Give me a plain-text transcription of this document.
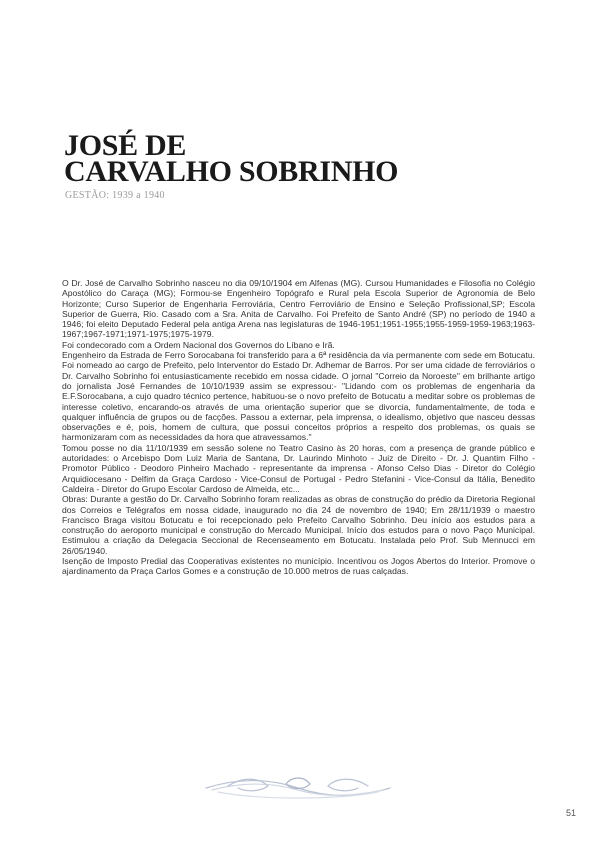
JOSÉ DE
CARVALHO SOBRINHO

GESTÃO: 1939 a 1940

O Dr. José de Carvalho Sobrinho nasceu no dia 09/10/1904 em Alfenas (MG). Cursou Humanidades e Filosofia no Colégio Apostólico do Caraça (MG); Formou-se Engenheiro Topógrafo e Rural pela Escola Superior de Agronomia de Belo Horizonte; Curso Superior de Engenharia Ferroviária, Centro Ferroviário de Ensino e Seleção Profissional,SP; Escola Superior de Guerra, Rio. Casado com a Sra. Anita de Carvalho. Foi Prefeito de Santo André (SP) no período de 1940 a 1946; foi eleito Deputado Federal pela antiga Arena nas legislaturas de 1946-1951;1951-1955;1955-1959-1959-1963;1963-1967;1967-1971;1971-1975;1975-1979.

Foi condecorado com a Ordem Nacional dos Governos do Líbano e Irã.

Engenheiro da Estrada de Ferro Sorocabana foi transferido para a 6ª residência da via permanente com sede em Botucatu. Foi nomeado ao cargo de Prefeito, pelo Interventor do Estado Dr. Adhemar de Barros. Por ser uma cidade de ferroviários o Dr. Carvalho Sobrinho foi entusiasticamente recebido em nossa cidade. O jornal "Correio da Noroeste" em brilhante artigo do jornalista José Fernandes de 10/10/1939 assim se expressou:- "Lidando com os problemas de engenharia da E.F.Sorocabana, a cujo quadro técnico pertence, habituou-se o novo prefeito de Botucatu a meditar sobre os problemas de interesse coletivo, encarando-os através de uma orientação superior que se divorcia, fundamentalmente, de toda e qualquer influência de grupos ou de facções. Passou a externar, pela imprensa, o idealismo, objetivo que nasceu dessas observações e é, pois, homem de cultura, que possui conceitos próprios a respeito dos problemas, os quais se harmonizaram com as necessidades da hora que atravessamos."

Tomou posse no dia 11/10/1939 em sessão solene no Teatro Casino às 20 horas, com a presença de grande público e autoridades: o Arcebispo Dom Luiz Maria de Santana, Dr. Laurindo Minhoto - Juiz de Direito - Dr. J. Quantim Filho - Promotor Público - Deodoro Pinheiro Machado - representante da imprensa - Afonso Celso Dias - Diretor do Colégio Arquidiocesano - Delfim da Graça Cardoso - Vice-Consul de Portugal - Pedro Stefanini - Vice-Consul da Itália, Benedito Caldeira - Diretor do Grupo Escolar Cardoso de Almeida, etc...

Obras: Durante a gestão do Dr. Carvalho Sobrinho foram realizadas as obras de construção do prédio da Diretoria Regional dos Correios e Telégrafos em nossa cidade, inaugurado no dia 24 de novembro de 1940; Em 28/11/1939 o maestro Francisco Braga visitou Botucatu e foi recepcionado pelo Prefeito Carvalho Sobrinho. Deu início aos estudos para a construção do aeroporto municipal e construção do Mercado Municipal. Início dos estudos para o novo Paço Municipal. Estimulou a criação da Delegacia Seccional de Recenseamento em Botucatu. Instalada pelo Prof. Sub Mennucci em 26/05/1940.

Isenção de Imposto Predial das Cooperativas existentes no município. Incentivou os Jogos Abertos do Interior. Promove o ajardinamento da Praça Carlos Gomes e a construção de 10.000 metros de ruas calçadas.

51
